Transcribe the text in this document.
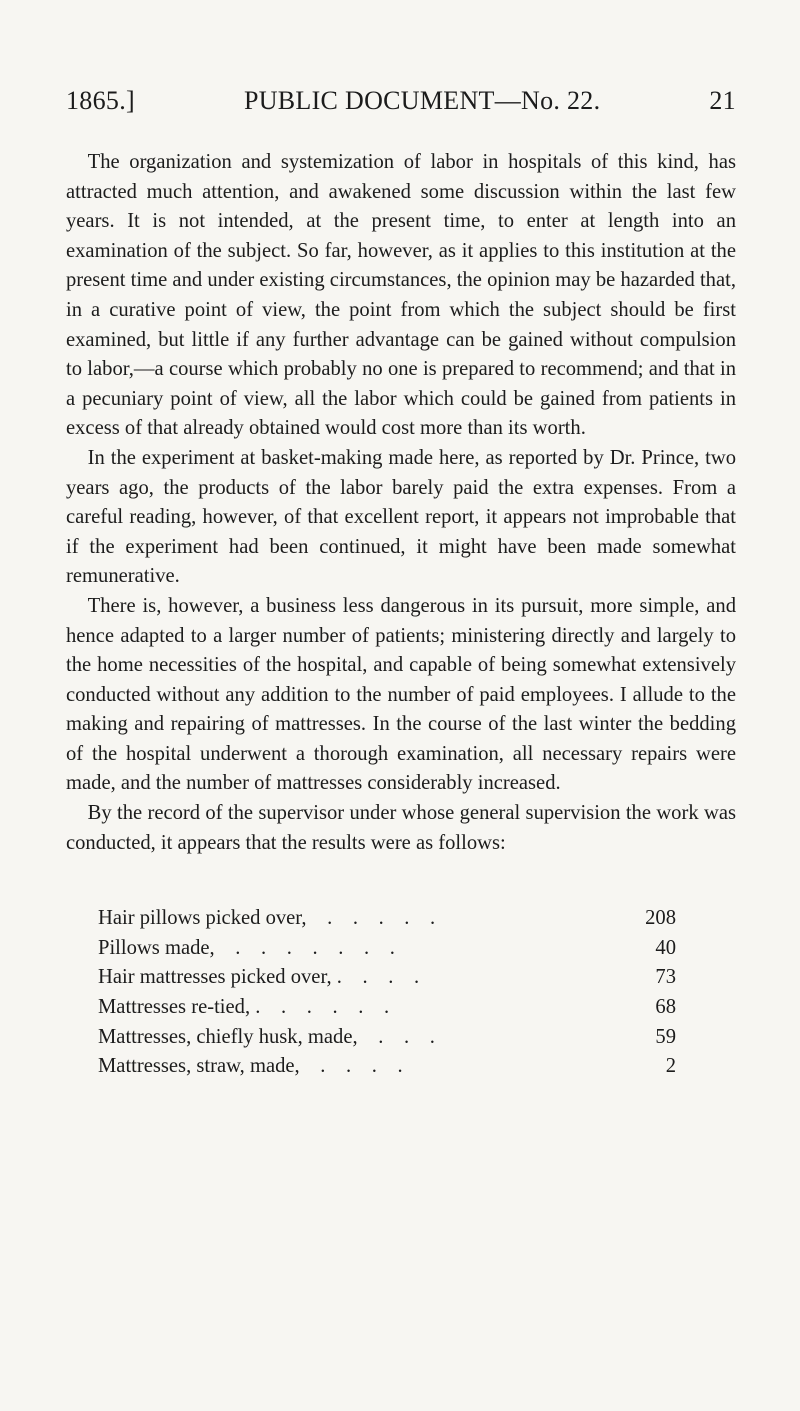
1865.]	PUBLIC DOCUMENT—No. 22.	21

The organization and systemization of labor in hospitals of this kind, has attracted much attention, and awakened some discussion within the last few years. It is not intended, at the present time, to enter at length into an examination of the subject. So far, however, as it applies to this institution at the present time and under existing circumstances, the opinion may be hazarded that, in a curative point of view, the point from which the subject should be first examined, but little if any further advantage can be gained without compulsion to labor,—a course which probably no one is prepared to recommend; and that in a pecuniary point of view, all the labor which could be gained from patients in excess of that already obtained would cost more than its worth.

In the experiment at basket-making made here, as reported by Dr. Prince, two years ago, the products of the labor barely paid the extra expenses. From a careful reading, however, of that excellent report, it appears not improbable that if the experiment had been continued, it might have been made somewhat remunerative.

There is, however, a business less dangerous in its pursuit, more simple, and hence adapted to a larger number of patients; ministering directly and largely to the home necessities of the hospital, and capable of being somewhat extensively conducted without any addition to the number of paid employees. I allude to the making and repairing of mattresses. In the course of the last winter the bedding of the hospital underwent a thorough examination, all necessary repairs were made, and the number of mattresses considerably increased.

By the record of the supervisor under whose general supervision the work was conducted, it appears that the results were as follows:

Hair pillows picked over,    .    .    .    .    .	208
Pillows made,    .    .    .    .    .    .    .	40
Hair mattresses picked over, .    .    .    .	73
Mattresses re-tied, .    .    .    .    .    .	68
Mattresses, chiefly husk, made,    .    .    .	59
Mattresses, straw, made,    .    .    .    .	2
